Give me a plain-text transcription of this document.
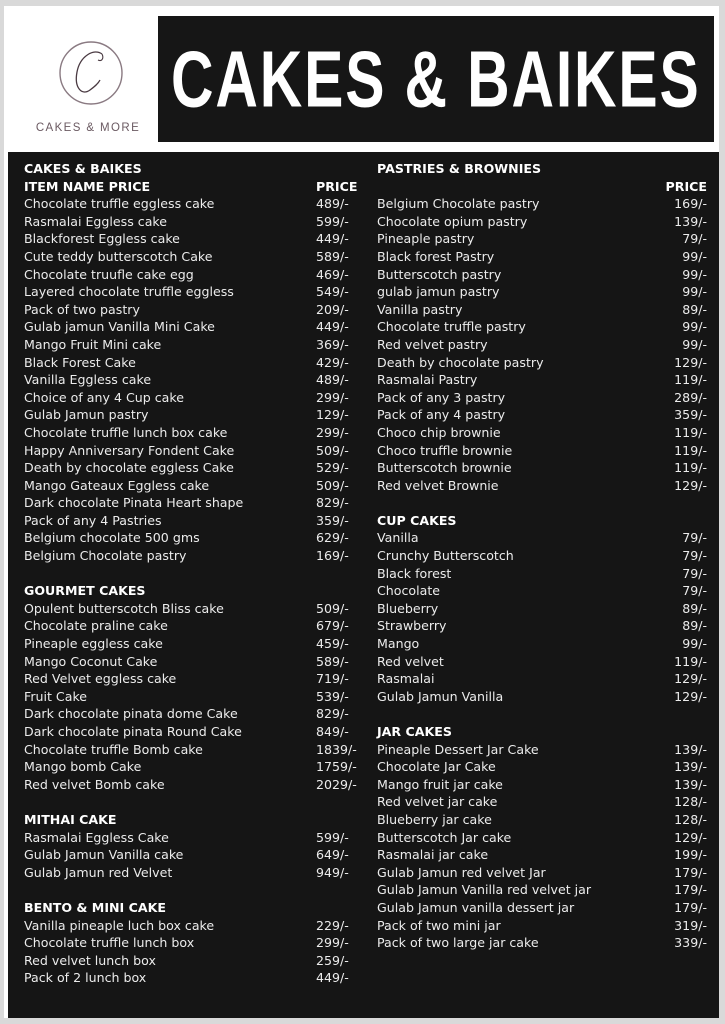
CAKES & MORE
CAKES & BAIKES
CAKES & BAIKES
ITEM NAME PRICE	PRICE
Chocolate truffle eggless cake	489/-
Rasmalai Eggless cake	599/-
Blackforest Eggless cake	449/-
Cute teddy butterscotch Cake	589/-
Chocolate truufle cake egg	469/-
Layered chocolate truffle eggless	549/-
Pack of two pastry	209/-
Gulab jamun Vanilla Mini Cake	449/-
Mango Fruit Mini cake	369/-
Black Forest Cake	429/-
Vanilla Eggless cake	489/-
Choice of any 4 Cup cake	299/-
Gulab Jamun pastry	129/-
Chocolate truffle lunch box cake	299/-
Happy Anniversary Fondent Cake	509/-
Death by chocolate eggless Cake	529/-
Mango Gateaux Eggless cake	509/-
Dark chocolate Pinata Heart shape	829/-
Pack of any 4 Pastries	359/-
Belgium chocolate 500 gms	629/-
Belgium Chocolate pastry	169/-
GOURMET CAKES
Opulent butterscotch Bliss cake	509/-
Chocolate praline cake	679/-
Pineaple eggless cake	459/-
Mango Coconut Cake	589/-
Red Velvet eggless cake	719/-
Fruit Cake	539/-
Dark chocolate pinata dome Cake	829/-
Dark chocolate pinata Round Cake	849/-
Chocolate truffle Bomb cake	1839/-
Mango bomb Cake	1759/-
Red velvet Bomb cake	2029/-
MITHAI CAKE
Rasmalai Eggless Cake	599/-
Gulab Jamun Vanilla cake	649/-
Gulab Jamun red Velvet	949/-
BENTO & MINI CAKE
Vanilla pineaple luch box cake	229/-
Chocolate truffle lunch box	299/-
Red velvet lunch box	259/-
Pack of 2 lunch box	449/-
PASTRIES & BROWNIES
PRICE
Belgium Chocolate pastry	169/-
Chocolate opium pastry	139/-
Pineaple pastry	79/-
Black forest Pastry	99/-
Butterscotch pastry	99/-
gulab jamun pastry	99/-
Vanilla pastry	89/-
Chocolate truffle pastry	99/-
Red velvet pastry	99/-
Death by chocolate pastry	129/-
Rasmalai Pastry	119/-
Pack of any 3 pastry	289/-
Pack of any 4 pastry	359/-
Choco chip brownie	119/-
Choco truffle brownie	119/-
Butterscotch brownie	119/-
Red velvet Brownie	129/-
CUP CAKES
Vanilla	79/-
Crunchy Butterscotch	79/-
Black forest	79/-
Chocolate	79/-
Blueberry	89/-
Strawberry	89/-
Mango	99/-
Red velvet	119/-
Rasmalai	129/-
Gulab Jamun Vanilla	129/-
JAR CAKES
Pineaple Dessert Jar Cake	139/-
Chocolate Jar Cake	139/-
Mango fruit jar cake	139/-
Red velvet jar cake	128/-
Blueberry jar cake	128/-
Butterscotch Jar cake	129/-
Rasmalai jar cake	199/-
Gulab Jamun red velvet Jar	179/-
Gulab Jamun Vanilla red velvet jar	179/-
Gulab Jamun vanilla dessert jar	179/-
Pack of two mini jar	319/-
Pack of two large jar cake	339/-
